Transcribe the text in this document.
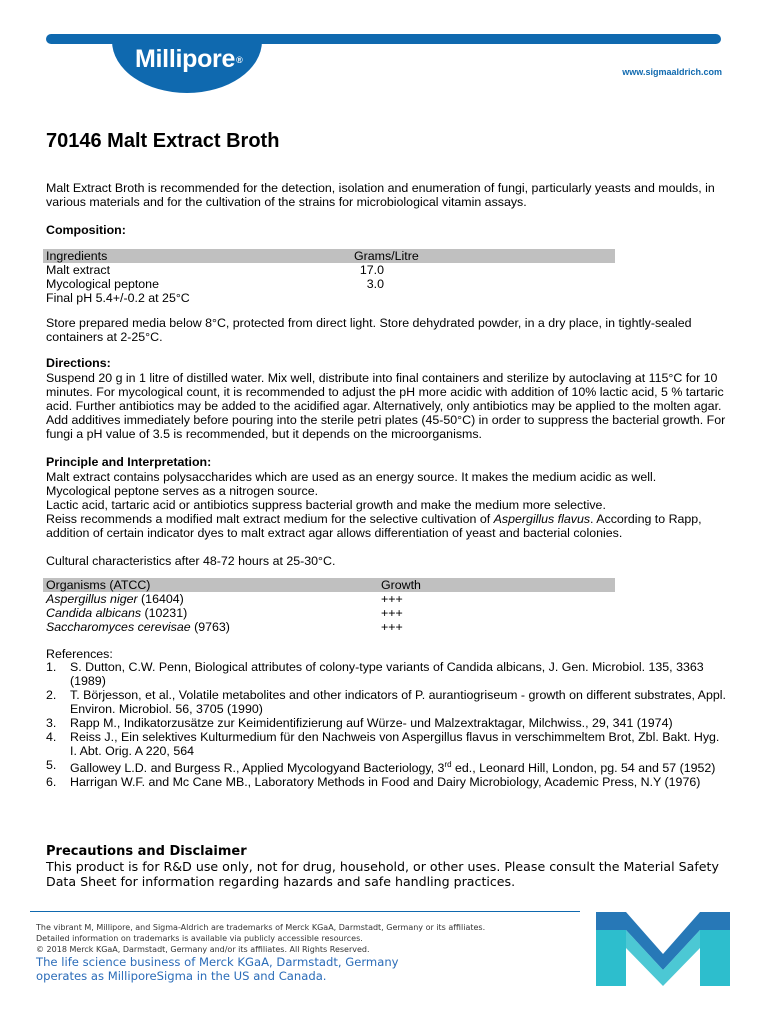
Millipore®
www.sigmaaldrich.com
70146 Malt Extract Broth

Malt Extract Broth is recommended for the detection, isolation and enumeration of fungi, particularly yeasts and moulds, in various materials and for the cultivation of the strains for microbiological vitamin assays.

Composition:

Ingredients	Grams/Litre
Malt extract	17.0
Mycological peptone	3.0
Final pH 5.4+/-0.2 at 25°C

Store prepared media below 8°C, protected from direct light. Store dehydrated powder, in a dry place, in tightly-sealed containers at 2-25°C.

Directions:

Suspend 20 g in 1 litre of distilled water. Mix well, distribute into final containers and sterilize by autoclaving at 115°C for 10 minutes. For mycological count, it is recommended to adjust the pH more acidic with addition of 10% lactic acid, 5 % tartaric acid. Further antibiotics may be added to the acidified agar. Alternatively, only antibiotics may be applied to the molten agar. Add additives immediately before pouring into the sterile petri plates (45-50°C) in order to suppress the bacterial growth. For fungi a pH value of 3.5 is recommended, but it depends on the microorganisms.

Principle and Interpretation:

Malt extract contains polysaccharides which are used as an energy source. It makes the medium acidic as well.
Mycological peptone serves as a nitrogen source.
Lactic acid, tartaric acid or antibiotics suppress bacterial growth and make the medium more selective.
Reiss recommends a modified malt extract medium for the selective cultivation of Aspergillus flavus. According to Rapp, addition of certain indicator dyes to malt extract agar allows differentiation of yeast and bacterial colonies.

Cultural characteristics after 48-72 hours at 25-30°C.

Organisms (ATCC)	Growth
Aspergillus niger (16404)	+++
Candida albicans (10231)	+++
Saccharomyces cerevisae (9763)	+++

References:

1. S. Dutton, C.W. Penn, Biological attributes of colony-type variants of Candida albicans, J. Gen. Microbiol. 135, 3363 (1989)
2. T. Börjesson, et al., Volatile metabolites and other indicators of P. aurantiogriseum - growth on different substrates, Appl. Environ. Microbiol. 56, 3705 (1990)
3. Rapp M., Indikatorzusätze zur Keimidentifizierung auf Würze- und Malzextraktagar, Milchwiss., 29, 341 (1974)
4. Reiss J., Ein selektives Kulturmedium für den Nachweis von Aspergillus flavus in verschimmeltem Brot, Zbl. Bakt. Hyg. I. Abt. Orig. A 220, 564
5. Gallowey L.D. and Burgess R., Applied Mycologyand Bacteriology, 3rd ed., Leonard Hill, London, pg. 54 and 57 (1952)
6. Harrigan W.F. and Mc Cane MB., Laboratory Methods in Food and Dairy Microbiology, Academic Press, N.Y (1976)

Precautions and Disclaimer

This product is for R&D use only, not for drug, household, or other uses. Please consult the Material Safety Data Sheet for information regarding hazards and safe handling practices.

The vibrant M, Millipore, and Sigma-Aldrich are trademarks of Merck KGaA, Darmstadt, Germany or its affiliates.
Detailed information on trademarks is available via publicly accessible resources.
© 2018 Merck KGaA, Darmstadt, Germany and/or its affiliates. All Rights Reserved.
The life science business of Merck KGaA, Darmstadt, Germany
operates as MilliporeSigma in the US and Canada.
